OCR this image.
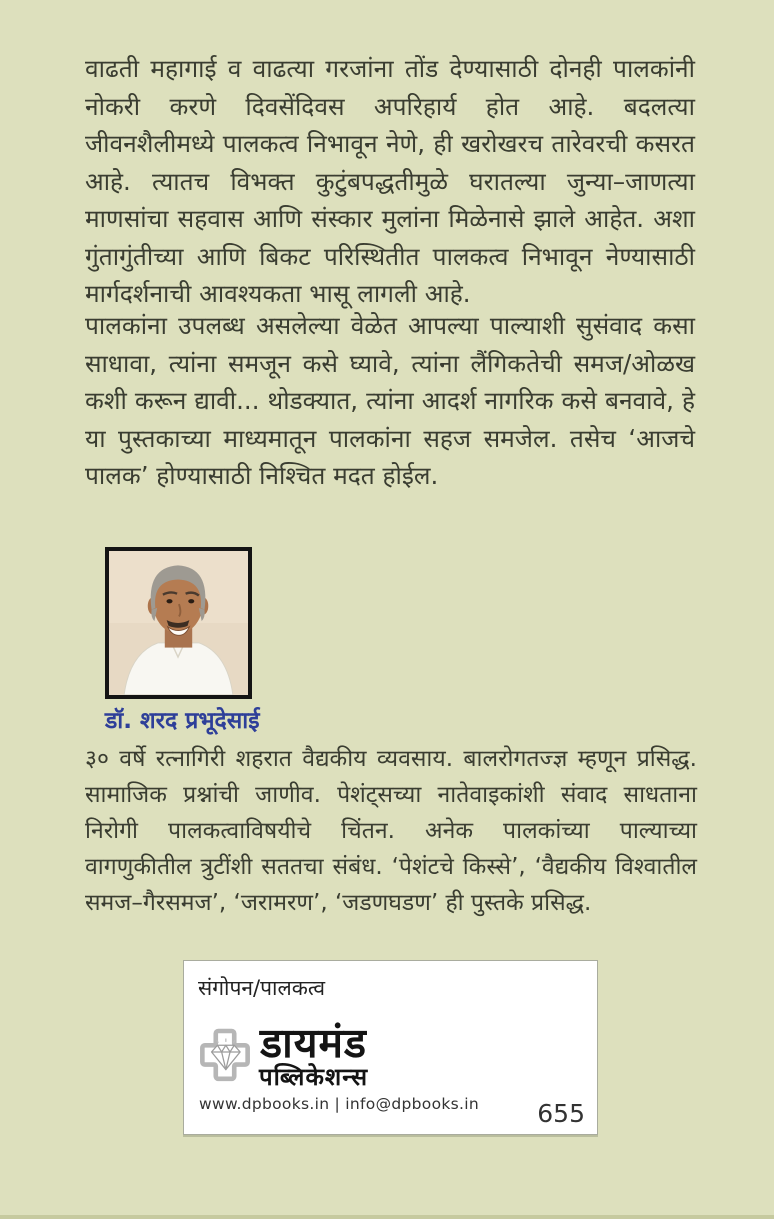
वाढती महागाई व वाढत्या गरजांना तोंड देण्यासाठी दोनही पालकांनी नोकरी करणे दिवसेंदिवस अपरिहार्य होत आहे. बदलत्या जीवनशैलीमध्ये पालकत्व निभावून नेणे, ही खरोखरच तारेवरची कसरत आहे. त्यातच विभक्त कुटुंबपद्धतीमुळे घरातल्या जुन्या–जाणत्या माणसांचा सहवास आणि संस्कार मुलांना मिळेनासे झाले आहेत. अशा गुंतागुंतीच्या आणि बिकट परिस्थितीत पालकत्व निभावून नेण्यासाठी मार्गदर्शनाची आवश्यकता भासू लागली आहे.

पालकांना उपलब्ध असलेल्या वेळेत आपल्या पाल्याशी सुसंवाद कसा साधावा, त्यांना समजून कसे घ्यावे, त्यांना लैंगिकतेची समज/ओळख कशी करून द्यावी... थोडक्यात, त्यांना आदर्श नागरिक कसे बनवावे, हे या पुस्तकाच्या माध्यमातून पालकांना सहज समजेल. तसेच ‘आजचे पालक’ होण्यासाठी निश्चित मदत होईल.

डॉ. शरद प्रभूदेसाई

३० वर्षे रत्नागिरी शहरात वैद्यकीय व्यवसाय. बालरोगतज्ज्ञ म्हणून प्रसिद्ध. सामाजिक प्रश्नांची जाणीव. पेशंट्सच्या नातेवाइकांशी संवाद साधताना निरोगी पालकत्वाविषयीचे चिंतन. अनेक पालकांच्या पाल्याच्या वागणुकीतील त्रुटींशी सततचा संबंध. ‘पेशंटचे किस्से’, ‘वैद्यकीय विश्वातील समज–गैरसमज’, ‘जरामरण’, ‘जडणघडण’ ही पुस्तके प्रसिद्ध.

संगोपन/पालकत्व
डायमंड
पब्लिकेशन्स
www.dpbooks.in | info@dpbooks.in 655
